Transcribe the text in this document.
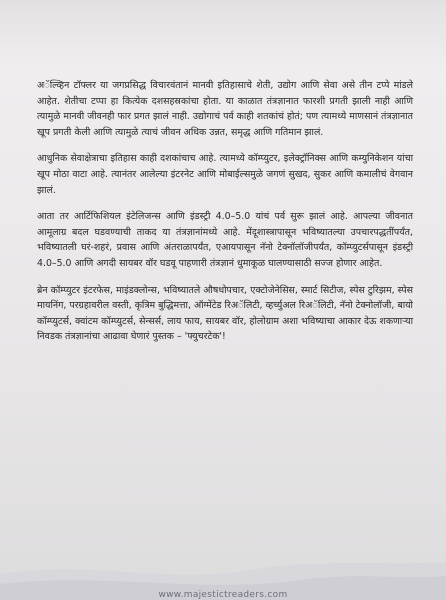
अॅल्व्हिन टॉफ्लर या जगप्रसिद्ध विचारवंतानं मानवी इतिहासाचे शेती, उद्योग आणि सेवा असे तीन टप्पे मांडले आहेत. शेतीचा टप्पा हा कित्येक दशसहस्रकांचा होता. या काळात तंत्रज्ञानात फारशी प्रगती झाली नाही आणि त्यामुळे मानवी जीवनही फार प्रगत झालं नाही. उद्योगाचं पर्व काही शतकांचं होतं; पण त्यामध्ये माणसानं तंत्रज्ञानात खूप प्रगती केली आणि त्यामुळे त्याचं जीवन अधिक उन्नत, समृद्ध आणि गतिमान झालं.

आधुनिक सेवाक्षेत्राचा इतिहास काही दशकांचाच आहे. त्यामध्ये कॉम्प्युटर, इलेक्ट्रॉनिक्स आणि कम्युनिकेशन यांचा खूप मोठा वाटा आहे. त्यानंतर आलेल्या इंटरनेट आणि मोबाईल्समुळे जगणं सुखद, सुकर आणि कमालीचं वेगवान झालं.

आता तर आर्टिफिशियल इंटेलिजन्स आणि इंडस्ट्री 4.0–5.0 यांचं पर्व सुरू झालं आहे. आपल्या जीवनात आमूलाग्र बदल घडवण्याची ताकद या तंत्रज्ञानांमध्ये आहे. मेंदूशास्त्रापासून भविष्यातल्या उपचारपद्धतींपर्यंत, भविष्यातली घरं-शहरं, प्रवास आणि अंतराळापर्यंत, एआयपासून नॅनो टेक्नॉलॉजीपर्यंत, कॉम्प्युटर्सपासून इंडस्ट्री 4.0–5.0 आणि अगदी सायबर वॉर घडवू पाहणारी तंत्रज्ञानं धुमाकूळ घालण्यासाठी सज्ज होणार आहेत.

ब्रेन कॉम्प्युटर इंटरफेस, माइंडक्लोन्स, भविष्यातले औषधोपचार, एक्टोजेनेसिस, स्मार्ट सिटीज, स्पेस टुरिझम, स्पेस मायनिंग, परग्रहावरील वस्ती, कृत्रिम बुद्धिमत्ता, ऑग्मेंटेड रिअॅलिटी, व्हर्च्युअल रिअॅलिटी, नॅनो टेक्नोलॉजी, बायो कॉम्प्युटर्स, क्वांटम कॉम्प्युटर्स, सेन्सर्स, लाय फाय, सायबर वॉर, होलोग्राम अशा भविष्याचा आकार देऊ शकणाऱ्या निवडक तंत्रज्ञानांचा आढावा घेणारं पुस्तक – 'फ्युचरटेक'!

www.majestictreaders.com
